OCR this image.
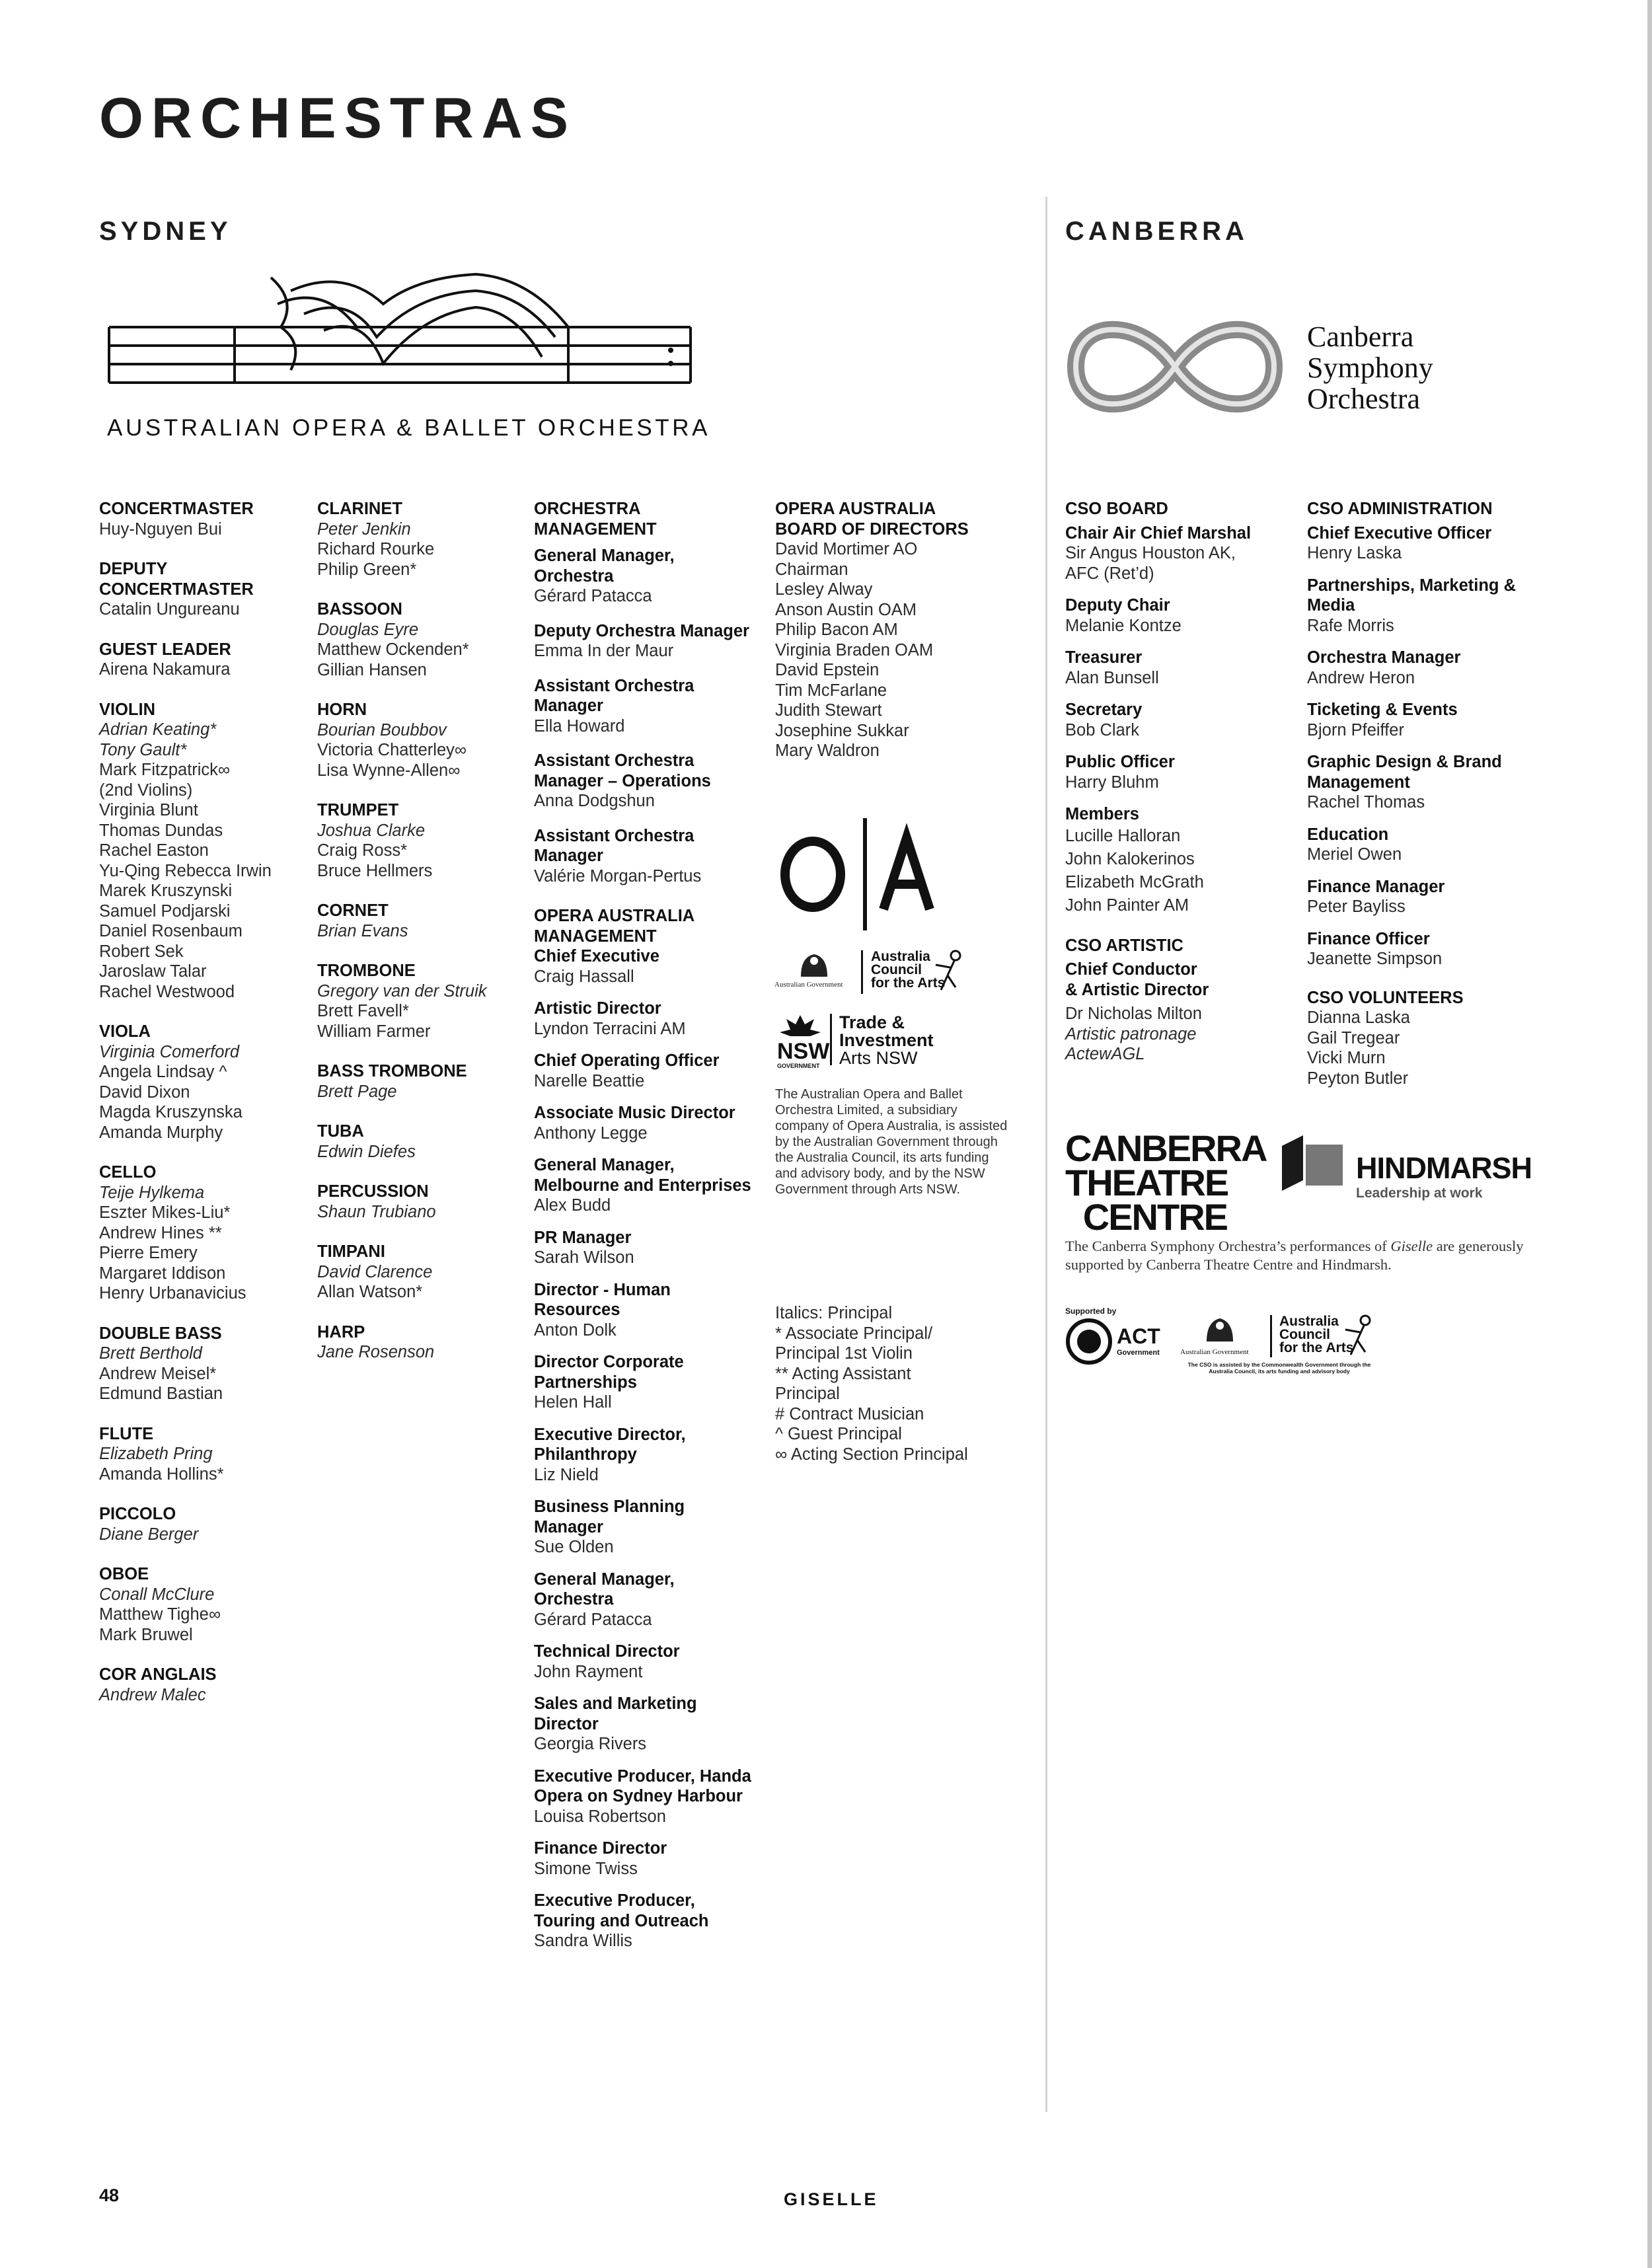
ORCHESTRAS
SYDNEY	CANBERRA
AUSTRALIAN OPERA & BALLET ORCHESTRA
Canberra
Symphony
Orchestra
CONCERTMASTER
Huy-Nguyen Bui
DEPUTY CONCERTMASTER
Catalin Ungureanu
GUEST LEADER
Airena Nakamura
VIOLIN
Adrian Keating*
Tony Gault*
Mark Fitzpatrick∞
(2nd Violins)
Virginia Blunt
Thomas Dundas
Rachel Easton
Yu-Qing Rebecca Irwin
Marek Kruszynski
Samuel Podjarski
Daniel Rosenbaum
Robert Sek
Jaroslaw Talar
Rachel Westwood
VIOLA
Virginia Comerford
Angela Lindsay ^
David Dixon
Magda Kruszynska
Amanda Murphy
CELLO
Teije Hylkema
Eszter Mikes-Liu*
Andrew Hines **
Pierre Emery
Margaret Iddison
Henry Urbanavicius
DOUBLE BASS
Brett Berthold
Andrew Meisel*
Edmund Bastian
FLUTE
Elizabeth Pring
Amanda Hollins*
PICCOLO
Diane Berger
OBOE
Conall McClure
Matthew Tighe∞
Mark Bruwel
COR ANGLAIS
Andrew Malec
CLARINET
Peter Jenkin
Richard Rourke
Philip Green*
BASSOON
Douglas Eyre
Matthew Ockenden*
Gillian Hansen
HORN
Bourian Boubbov
Victoria Chatterley∞
Lisa Wynne-Allen∞
TRUMPET
Joshua Clarke
Craig Ross*
Bruce Hellmers
CORNET
Brian Evans
TROMBONE
Gregory van der Struik
Brett Favell*
William Farmer
BASS TROMBONE
Brett Page
TUBA
Edwin Diefes
PERCUSSION
Shaun Trubiano
TIMPANI
David Clarence
Allan Watson*
HARP
Jane Rosenson
ORCHESTRA
MANAGEMENT
General Manager, Orchestra
Gérard Patacca
Deputy Orchestra Manager
Emma In der Maur
Assistant Orchestra Manager
Ella Howard
Assistant Orchestra Manager – Operations
Anna Dodgshun
Assistant Orchestra Manager
Valérie Morgan-Pertus
OPERA AUSTRALIA
MANAGEMENT
Chief Executive
Craig Hassall
Artistic Director
Lyndon Terracini AM
Chief Operating Officer
Narelle Beattie
Associate Music Director
Anthony Legge
General Manager, Melbourne and Enterprises
Alex Budd
PR Manager
Sarah Wilson
Director - Human Resources
Anton Dolk
Director Corporate Partnerships
Helen Hall
Executive Director, Philanthropy
Liz Nield
Business Planning Manager
Sue Olden
General Manager, Orchestra
Gérard Patacca
Technical Director
John Rayment
Sales and Marketing Director
Georgia Rivers
Executive Producer, Handa Opera on Sydney Harbour
Louisa Robertson
Finance Director
Simone Twiss
Executive Producer, Touring and Outreach
Sandra Willis
OPERA AUSTRALIA
BOARD OF DIRECTORS
David Mortimer AO
Chairman
Lesley Alway
Anson Austin OAM
Philip Bacon AM
Virginia Braden OAM
David Epstein
Tim McFarlane
Judith Stewart
Josephine Sukkar
Mary Waldron
Australian Government
Australia
Council
for the Arts
NSW
GOVERNMENT
Trade &
Investment
Arts NSW
The Australian Opera and Ballet Orchestra Limited, a subsidiary company of Opera Australia, is assisted by the Australian Government through the Australia Council, its arts funding and advisory body, and by the NSW Government through Arts NSW.
Italics: Principal
* Associate Principal/
Principal 1st Violin
** Acting Assistant
Principal
# Contract Musician
^ Guest Principal
∞ Acting Section Principal
CSO BOARD
Chair Air Chief Marshal
Sir Angus Houston AK,
AFC (Ret’d)
Deputy Chair
Melanie Kontze
Treasurer
Alan Bunsell
Secretary
Bob Clark
Public Officer
Harry Bluhm
Members
Lucille Halloran
John Kalokerinos
Elizabeth McGrath
John Painter AM
CSO ARTISTIC
Chief Conductor
& Artistic Director
Dr Nicholas Milton
Artistic patronage
ActewAGL
CSO ADMINISTRATION
Chief Executive Officer
Henry Laska
Partnerships, Marketing & Media
Rafe Morris
Orchestra Manager
Andrew Heron
Ticketing & Events
Bjorn Pfeiffer
Graphic Design & Brand Management
Rachel Thomas
Education
Meriel Owen
Finance Manager
Peter Bayliss
Finance Officer
Jeanette Simpson
CSO VOLUNTEERS
Dianna Laska
Gail Tregear
Vicki Murn
Peyton Butler
CANBERRA
THEATRE
CENTRE
HINDMARSH
Leadership at work
The Canberra Symphony Orchestra’s performances of Giselle are generously supported by Canberra Theatre Centre and Hindmarsh.
Supported by
ACT
Government	Australian Government
Australia
Council
for the Arts
The CSO is assisted by the Commonwealth Government through the Australia Council, its arts funding and advisory body
48	GISELLE
